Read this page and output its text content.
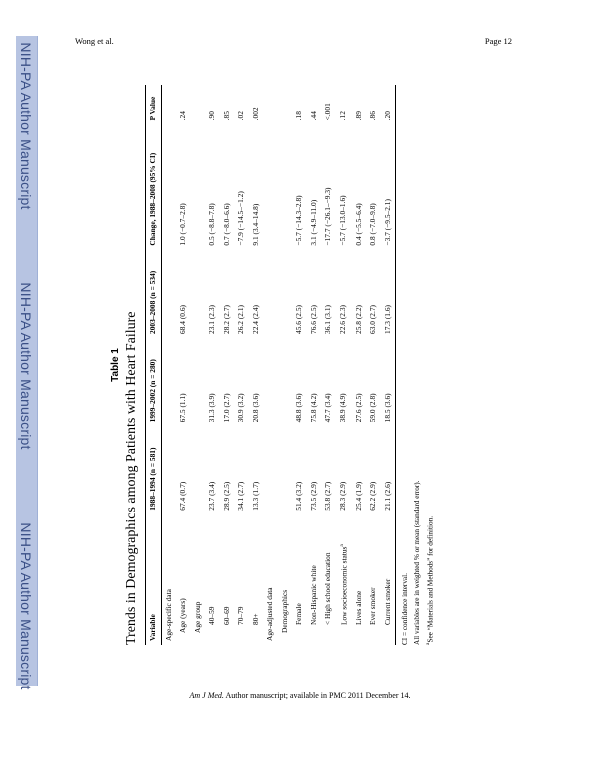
NIH-PA Author Manuscript
NIH-PA Author Manuscript
NIH-PA Author Manuscript
Wong et al.	Page 12
Table 1 Trends in Demographics among Patients with Heart Failure Variable	1988–1994 (n = 581)	1999–2002 (n = 280)	2003–2008 (n = 534)	Change, 1988–2008 (95% CI)	P Value
Age-specific data					
Age (years)	67.4 (0.7)	67.5 (1.1)	68.4 (0.6)	1.0 (−0.7–2.8)	.24
Age group					
40–59	23.7 (3.4)	31.3 (3.9)	23.1 (2.3)	0.5 (−8.8–7.8)	.90
60–69	28.9 (2.5)	17.0 (2.7)	28.2 (2.7)	0.7 (−8.0–6.6)	.85
70–79	34.1 (2.7)	30.9 (3.2)	26.2 (2.1)	−7.9 (−14.5–−1.2)	.02
80+	13.3 (1.7)	20.8 (3.6)	22.4 (2.4)	9.1 (3.4–14.8)	.002
Age-adjusted data					
Demographics					
Female	51.4 (3.2)	48.8 (3.6)	45.6 (2.5)	−5.7 (−14.3–2.8)	.18
Non-Hispanic white	73.5 (2.9)	75.8 (4.2)	76.6 (2.5)	3.1 (−4.9–11.0)	.44
< High school education	53.8 (2.7)	47.7 (3.4)	36.1 (3.1)	−17.7 (−26.1–−9.3)	<.001
Low socioeconomic status$^a$	28.3 (2.9)	38.9 (4.9)	22.6 (2.3)	−5.7 (−13.0–1.6)	.12
Lives alone	25.4 (1.9)	27.6 (2.5)	25.8 (2.2)	0.4 (−5.5–6.4)	.89
Ever smoker	62.2 (2.9)	59.0 (2.8)	63.0 (2.7)	0.8 (−7.0–9.8)	.86
Current smoker	21.1 (2.6)	18.5 (3.6)	17.3 (1.6)	−3.7 (−9.5–2.1)	.20
CI = confidence interval. All variables are in weighted % or mean (standard error). $^a$See “Materials and Methods” for definition.
Am J Med. Author manuscript; available in PMC 2011 December 14.
